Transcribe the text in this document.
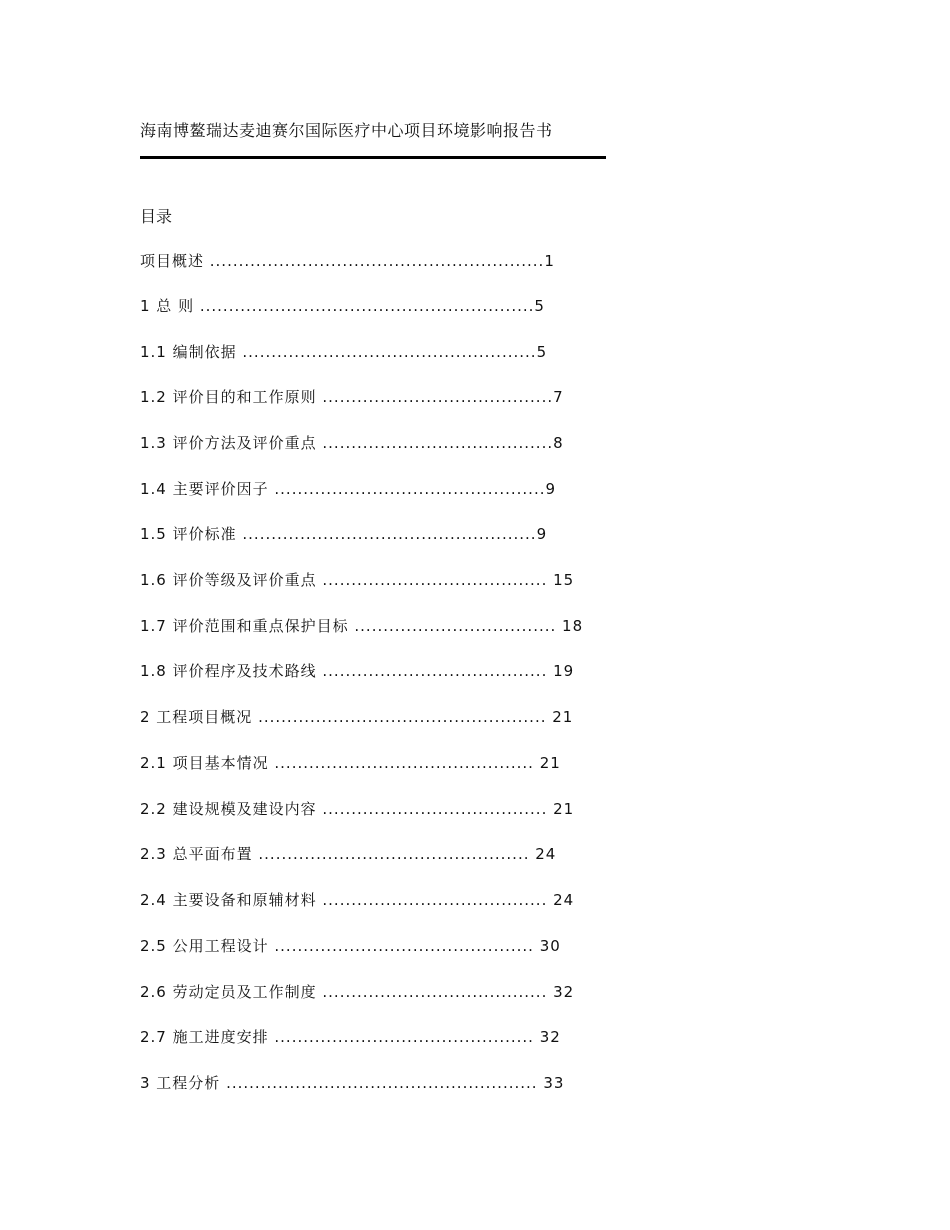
海南博鳌瑞达麦迪赛尔国际医疗中心项目环境影响报告书
目录
项目概述 ..........................................................1
1 总 则 ..........................................................5
1.1 编制依据 ...................................................5
1.2 评价目的和工作原则 ........................................7
1.3 评价方法及评价重点 ........................................8
1.4 主要评价因子 ...............................................9
1.5 评价标准 ...................................................9
1.6 评价等级及评价重点 ....................................... 15
1.7 评价范围和重点保护目标 ................................... 18
1.8 评价程序及技术路线 ....................................... 19
2 工程项目概况 .................................................. 21
2.1 项目基本情况 ............................................. 21
2.2 建设规模及建设内容 ....................................... 21
2.3 总平面布置 ............................................... 24
2.4 主要设备和原辅材料 ....................................... 24
2.5 公用工程设计 ............................................. 30
2.6 劳动定员及工作制度 ....................................... 32
2.7 施工进度安排 ............................................. 32
3 工程分析 ...................................................... 33
